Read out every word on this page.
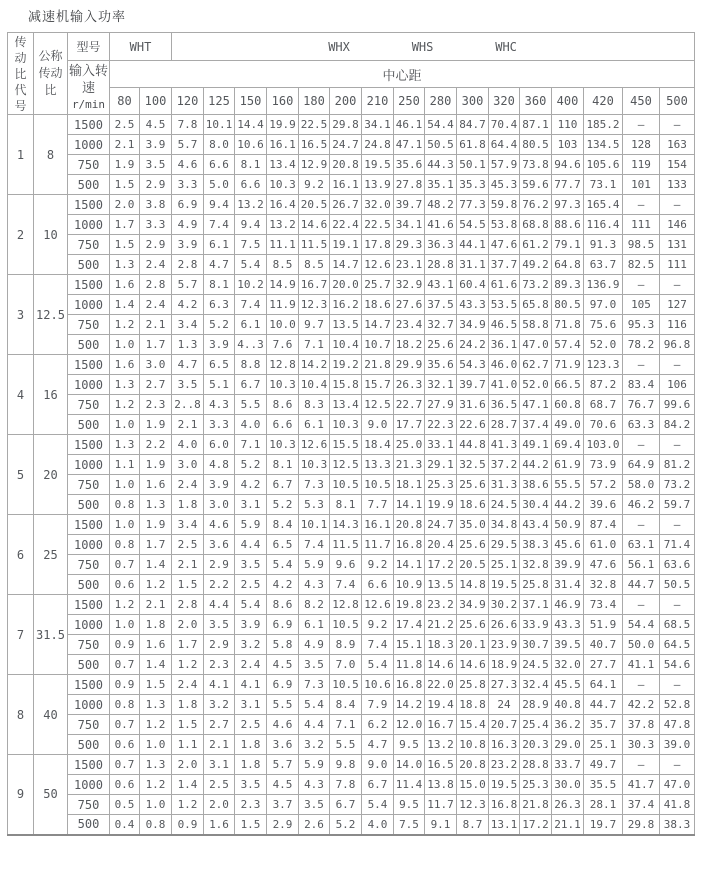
减速机输入功率
传动比代号	公称传动比	型号	WHT		WHX WHS WHC															

		输入转速
r/min	中心距																	
			80	100	120	125	150	160	180	200	210	250	280	300	320	360	400	420	450	500
1	8	1500	2.5	4.5	7.8	10.1	14.4	19.9	22.5	29.8	34.1	46.1	54.4	84.7	70.4	87.1	110	185.2	—	—
		1000	2.1	3.9	5.7	8.0	10.6	16.1	16.5	24.7	24.8	47.1	50.5	61.8	64.4	80.5	103	134.5	128	163
		750	1.9	3.5	4.6	6.6	8.1	13.4	12.9	20.8	19.5	35.6	44.3	50.1	57.9	73.8	94.6	105.6	119	154
		500	1.5	2.9	3.3	5.0	6.6	10.3	9.2	16.1	13.9	27.8	35.1	35.3	45.3	59.6	77.7	73.1	101	133
2	10	1500	2.0	3.8	6.9	9.4	13.2	16.4	20.5	26.7	32.0	39.7	48.2	77.3	59.8	76.2	97.3	165.4	—	—
		1000	1.7	3.3	4.9	7.4	9.4	13.2	14.6	22.4	22.5	34.1	41.6	54.5	53.8	68.8	88.6	116.4	111	146
		750	1.5	2.9	3.9	6.1	7.5	11.1	11.5	19.1	17.8	29.3	36.3	44.1	47.6	61.2	79.1	91.3	98.5	131
		500	1.3	2.4	2.8	4.7	5.4	8.5	8.5	14.7	12.6	23.1	28.8	31.1	37.7	49.2	64.8	63.7	82.5	111
3	12.5	1500	1.6	2.8	5.7	8.1	10.2	14.9	16.7	20.0	25.7	32.9	43.1	60.4	61.6	73.2	89.3	136.9	—	—
		1000	1.4	2.4	4.2	6.3	7.4	11.9	12.3	16.2	18.6	27.6	37.5	43.3	53.5	65.8	80.5	97.0	105	127
		750	1.2	2.1	3.4	5.2	6.1	10.0	9.7	13.5	14.7	23.4	32.7	34.9	46.5	58.8	71.8	75.6	95.3	116
		500	1.0	1.7	1.3	3.9	4..3	7.6	7.1	10.4	10.7	18.2	25.6	24.2	36.1	47.0	57.4	52.0	78.2	96.8
4	16	1500	1.6	3.0	4.7	6.5	8.8	12.8	14.2	19.2	21.8	29.9	35.6	54.3	46.0	62.7	71.9	123.3	—	—
		1000	1.3	2.7	3.5	5.1	6.7	10.3	10.4	15.8	15.7	26.3	32.1	39.7	41.0	52.0	66.5	87.2	83.4	106
		750	1.2	2.3	2..8	4.3	5.5	8.6	8.3	13.4	12.5	22.7	27.9	31.6	36.5	47.1	60.8	68.7	76.7	99.6
		500	1.0	1.9	2.1	3.3	4.0	6.6	6.1	10.3	9.0	17.7	22.3	22.6	28.7	37.4	49.0	70.6	63.3	84.2
5	20	1500	1.3	2.2	4.0	6.0	7.1	10.3	12.6	15.5	18.4	25.0	33.1	44.8	41.3	49.1	69.4	103.0	—	—
		1000	1.1	1.9	3.0	4.8	5.2	8.1	10.3	12.5	13.3	21.3	29.1	32.5	37.2	44.2	61.9	73.9	64.9	81.2
		750	1.0	1.6	2.4	3.9	4.2	6.7	7.3	10.5	10.5	18.1	25.3	25.6	31.3	38.6	55.5	57.2	58.0	73.2
		500	0.8	1.3	1.8	3.0	3.1	5.2	5.3	8.1	7.7	14.1	19.9	18.6	24.5	30.4	44.2	39.6	46.2	59.7
6	25	1500	1.0	1.9	3.4	4.6	5.9	8.4	10.1	14.3	16.1	20.8	24.7	35.0	34.8	43.4	50.9	87.4	—	—
		1000	0.8	1.7	2.5	3.6	4.4	6.5	7.4	11.5	11.7	16.8	20.4	25.6	29.5	38.3	45.6	61.0	63.1	71.4
		750	0.7	1.4	2.1	2.9	3.5	5.4	5.9	9.6	9.2	14.1	17.2	20.5	25.1	32.8	39.9	47.6	56.1	63.6
		500	0.6	1.2	1.5	2.2	2.5	4.2	4.3	7.4	6.6	10.9	13.5	14.8	19.5	25.8	31.4	32.8	44.7	50.5
7	31.5	1500	1.2	2.1	2.8	4.4	5.4	8.6	8.2	12.8	12.6	19.8	23.2	34.9	30.2	37.1	46.9	73.4	—	—
		1000	1.0	1.8	2.0	3.5	3.9	6.9	6.1	10.5	9.2	17.4	21.2	25.6	26.6	33.9	43.3	51.9	54.4	68.5
		750	0.9	1.6	1.7	2.9	3.2	5.8	4.9	8.9	7.4	15.1	18.3	20.1	23.9	30.7	39.5	40.7	50.0	64.5
		500	0.7	1.4	1.2	2.3	2.4	4.5	3.5	7.0	5.4	11.8	14.6	14.6	18.9	24.5	32.0	27.7	41.1	54.6
8	40	1500	0.9	1.5	2.4	4.1	4.1	6.9	7.3	10.5	10.6	16.8	22.0	25.8	27.3	32.4	45.5	64.1	—	—
		1000	0.8	1.3	1.8	3.2	3.1	5.5	5.4	8.4	7.9	14.2	19.4	18.8	24	28.9	40.8	44.7	42.2	52.8
		750	0.7	1.2	1.5	2.7	2.5	4.6	4.4	7.1	6.2	12.0	16.7	15.4	20.7	25.4	36.2	35.7	37.8	47.8
		500	0.6	1.0	1.1	2.1	1.8	3.6	3.2	5.5	4.7	9.5	13.2	10.8	16.3	20.3	29.0	25.1	30.3	39.0
9	50	1500	0.7	1.3	2.0	3.1	1.8	5.7	5.9	9.8	9.0	14.0	16.5	20.8	23.2	28.8	33.7	49.7	—	—
		1000	0.6	1.2	1.4	2.5	3.5	4.5	4.3	7.8	6.7	11.4	13.8	15.0	19.5	25.3	30.0	35.5	41.7	47.0
		750	0.5	1.0	1.2	2.0	2.3	3.7	3.5	6.7	5.4	9.5	11.7	12.3	16.8	21.8	26.3	28.1	37.4	41.8
		500	0.4	0.8	0.9	1.6	1.5	2.9	2.6	5.2	4.0	7.5	9.1	8.7	13.1	17.2	21.1	19.7	29.8	38.3
